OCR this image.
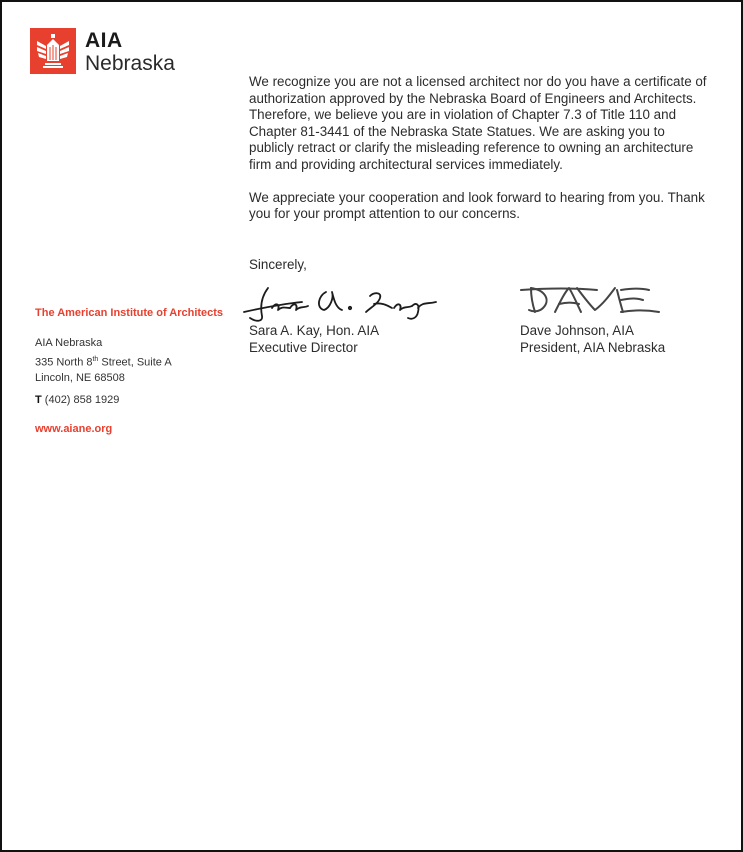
AIA
Nebraska

We recognize you are not a licensed architect nor do you have a certificate of authorization approved by the Nebraska Board of Engineers and Architects. Therefore, we believe you are in violation of Chapter 7.3 of Title 110 and Chapter 81-3441 of the Nebraska State Statues. We are asking you to publicly retract or clarify the misleading reference to owning an architecture firm and providing architectural services immediately.

We appreciate your cooperation and look forward to hearing from you. Thank you for your prompt attention to our concerns.

Sincerely,
Sara A. Kay, Hon. AIA
Executive Director
Dave Johnson, AIA
President, AIA Nebraska
The American Institute of Architects
AIA Nebraska
335 North 8th Street, Suite A
Lincoln, NE 68508
T (402) 858 1929
www.aiane.org
